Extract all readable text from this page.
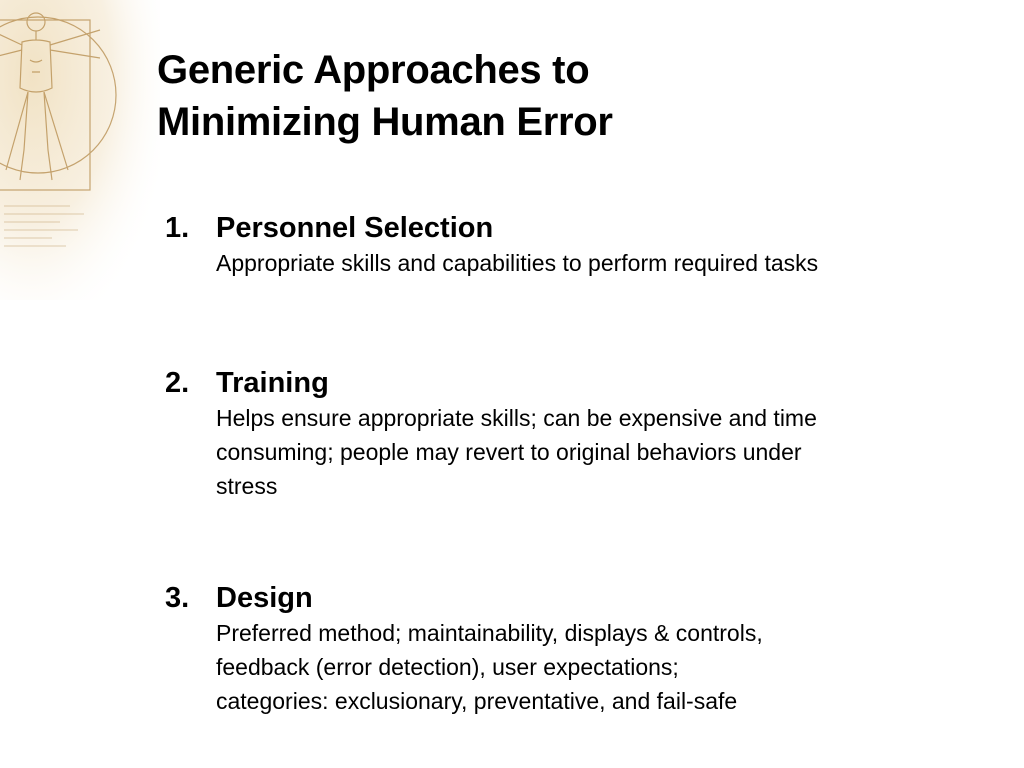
Generic Approaches to
Minimizing Human Error
1. Personnel Selection
Appropriate skills and capabilities to perform required tasks
2. Training
Helps ensure appropriate skills; can be expensive and time
consuming; people may revert to original behaviors under
stress
3. Design
Preferred method; maintainability, displays & controls,
feedback (error detection), user expectations;
categories: exclusionary, preventative, and fail-safe
